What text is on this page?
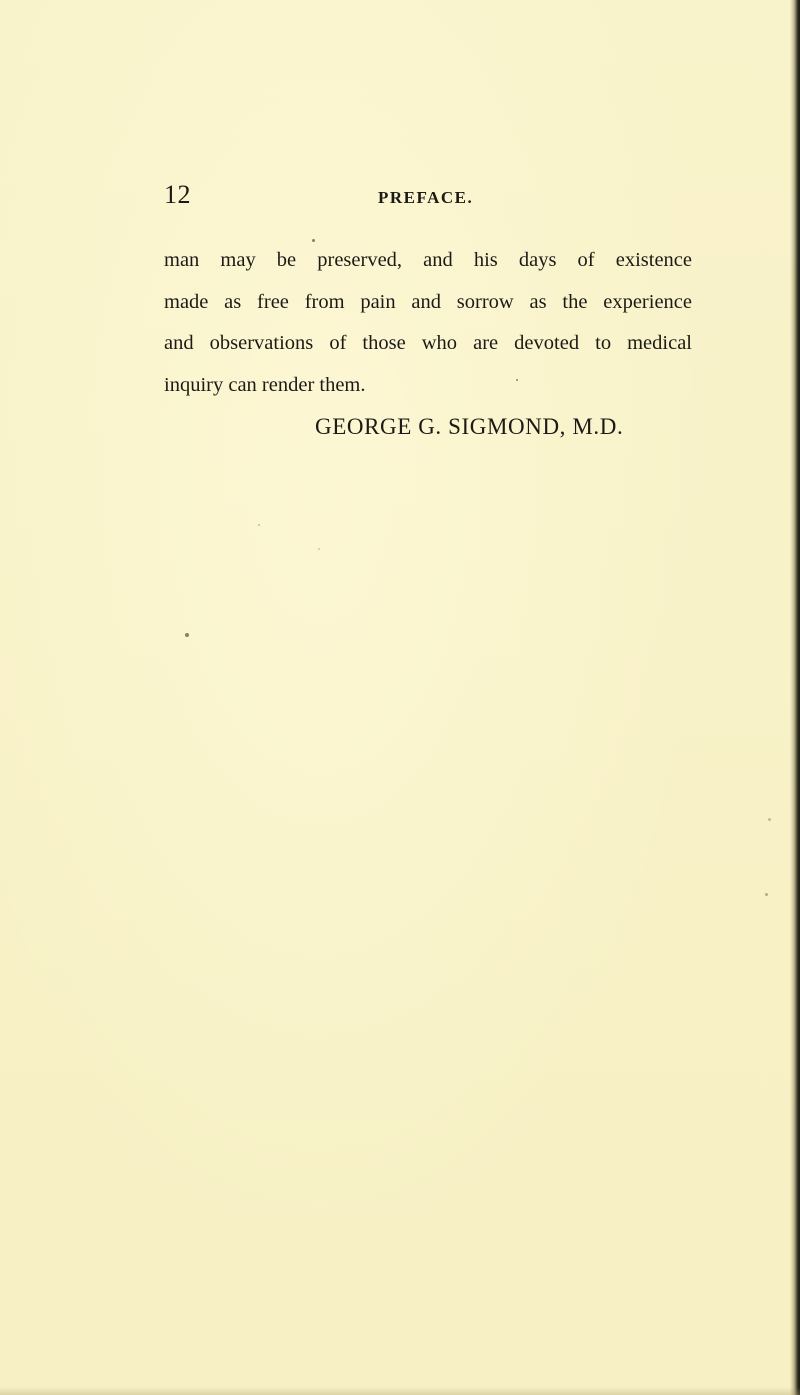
12	PREFACE.
man may be preserved, and his days of existence
made as free from pain and sorrow as the experience
and observations of those who are devoted to medical
inquiry can render them.
GEORGE G. SIGMOND, M.D.
